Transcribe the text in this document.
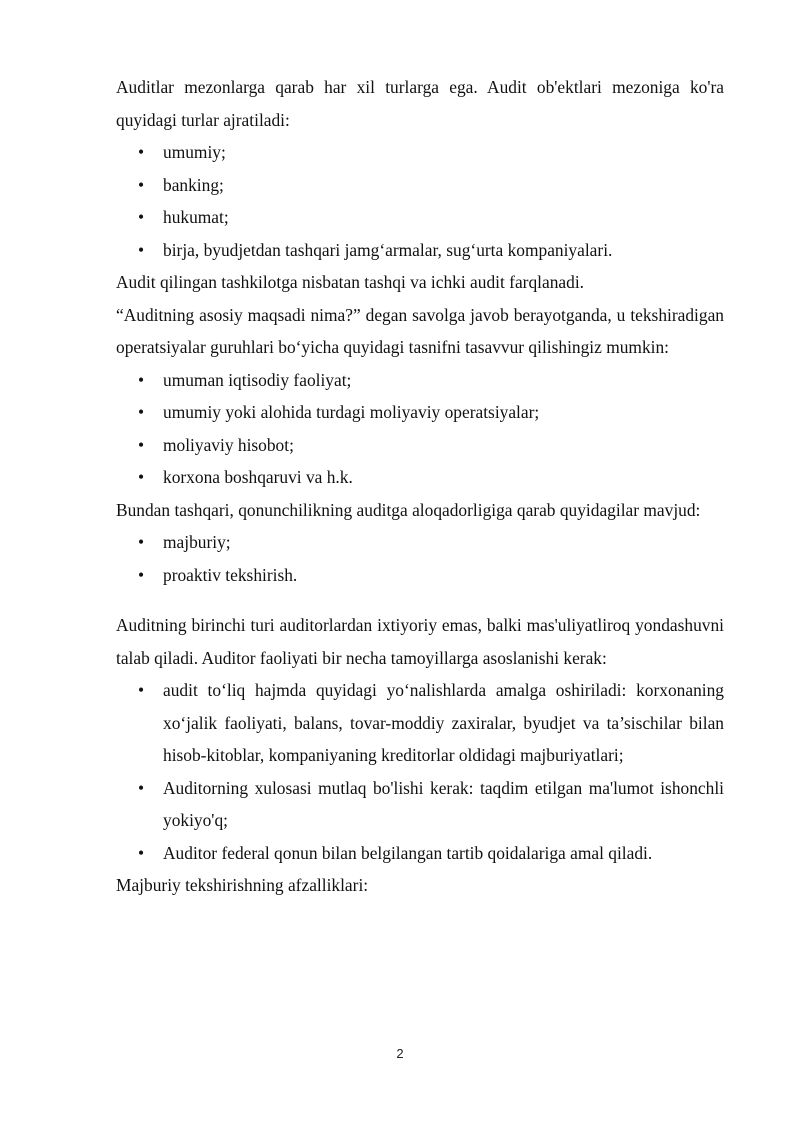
Auditlar mezonlarga qarab har xil turlarga ega. Audit ob'ektlari mezoniga ko'ra quyidagi turlar ajratiladi:

• umumiy;
• banking;
• hukumat;
• birja, byudjetdan tashqari jamg‘armalar, sug‘urta kompaniyalari.

Audit qilingan tashkilotga nisbatan tashqi va ichki audit farqlanadi.

“Auditning asosiy maqsadi nima?” degan savolga javob berayotganda, u tekshiradigan operatsiyalar guruhlari bo‘yicha quyidagi tasnifni tasavvur qilishingiz mumkin:

• umuman iqtisodiy faoliyat;
• umumiy yoki alohida turdagi moliyaviy operatsiyalar;
• moliyaviy hisobot;
• korxona boshqaruvi va h.k.

Bundan tashqari, qonunchilikning auditga aloqadorligiga qarab quyidagilar mavjud:

• majburiy;
• proaktiv tekshirish.

Auditning birinchi turi auditorlardan ixtiyoriy emas, balki mas'uliyatliroq yondashuvni talab qiladi. Auditor faoliyati bir necha tamoyillarga asoslanishi kerak:

• audit to‘liq hajmda quyidagi yo‘nalishlarda amalga oshiriladi: korxonaning xo‘jalik faoliyati, balans, tovar-moddiy zaxiralar, byudjet va ta’sischilar bilan hisob-kitoblar, kompaniyaning kreditorlar oldidagi majburiyatlari;
• Auditorning xulosasi mutlaq bo'lishi kerak: taqdim etilgan ma'lumot ishonchli yokiyo'q;
• Auditor federal qonun bilan belgilangan tartib qoidalariga amal qiladi.

Majburiy tekshirishning afzalliklari:

2
